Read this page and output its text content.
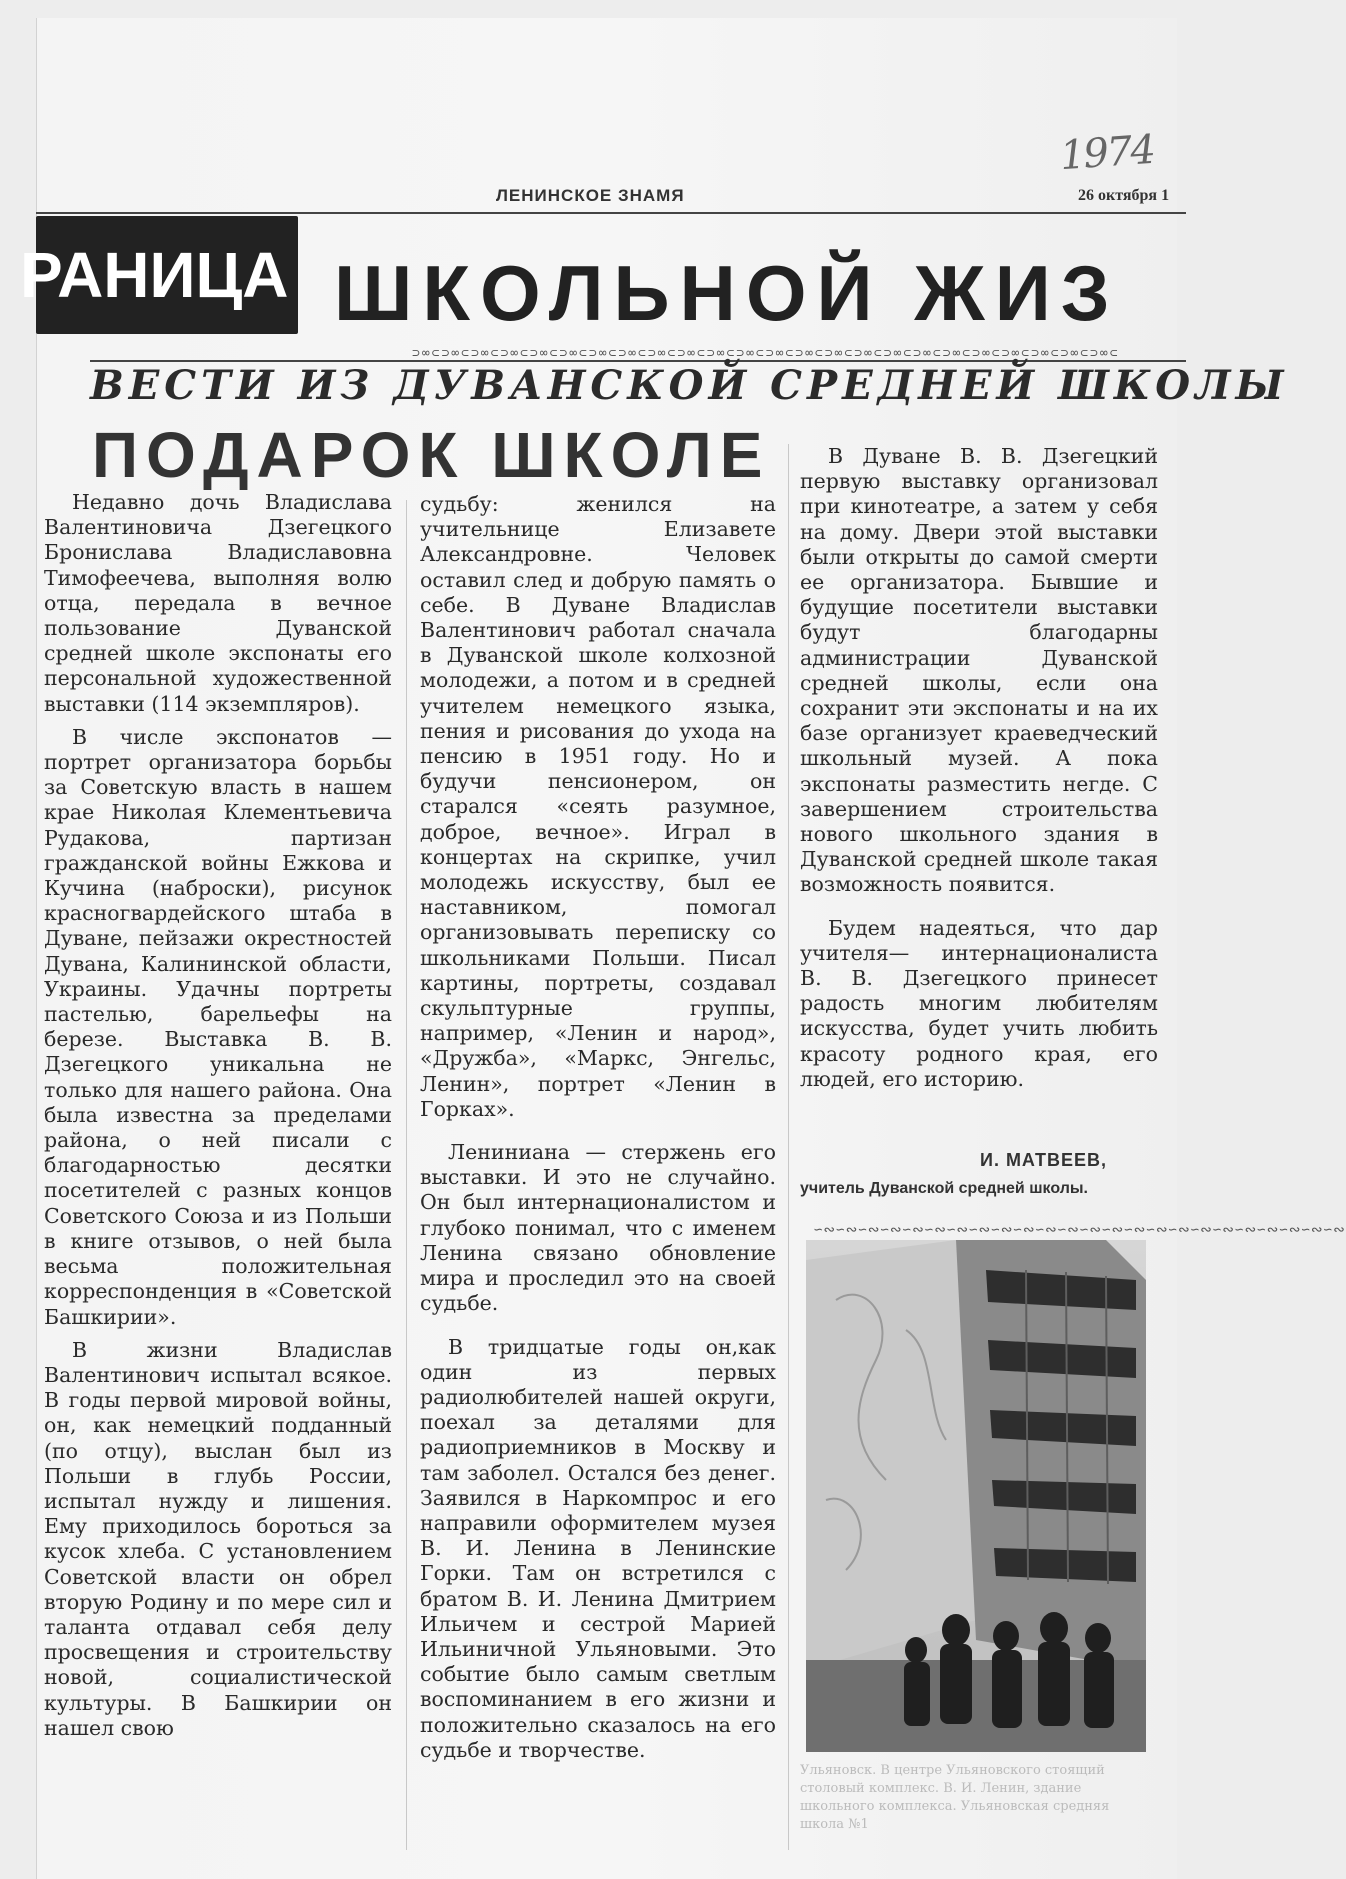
1974
ЛЕНИНСКОЕ ЗНАМЯ	26 октября 1
РАНИЦА ШКОЛЬНОЙ ЖИЗ
⊃∞⊂⊃∞⊂⊃∞⊂⊃∞⊂⊃∞⊂⊃∞⊂⊃∞⊂⊃∞⊂⊃∞⊂⊃∞⊂⊃∞⊂⊃∞⊂⊃∞⊂⊃∞⊂⊃∞⊂⊃∞⊂⊃∞⊂⊃∞⊂⊃∞⊂⊃∞⊂⊃∞⊂⊃∞⊂⊃∞⊂⊃∞⊂
ВЕСТИ ИЗ ДУВАНСКОЙ СРЕДНЕЙ ШКОЛЫ
ПОДАРОК ШКОЛЕ

Недавно дочь Владислава Валентиновича Дзегецкого Бронислава Владиславовна Тимофеечева, выполняя волю отца, передала в вечное пользование Дуванской средней школе экспонаты его персональной художественной выставки (114 экземпляров).

В числе экспонатов — портрет организатора борьбы за Советскую власть в нашем крае Николая Клементьевича Рудакова, партизан гражданской войны Ежкова и Кучина (наброски), рисунок красногвардейского штаба в Дуване, пейзажи окрестностей Дувана, Калининской области, Украины. Удачны портреты пастелью, барельефы на березе. Выставка В. В. Дзегецкого уникальна не только для нашего района. Она была известна за пределами района, о ней писали с благодарностью десятки посетителей с разных концов Советского Союза и из Польши в книге отзывов, о ней была весьма положительная корреспонденция в «Советской Башкирии».

В жизни Владислав Валентинович испытал всякое. В годы первой мировой войны, он, как немецкий подданный (по отцу), выслан был из Польши в глубь России, испытал нужду и лишения. Ему приходилось бороться за кусок хлеба. С установлением Советской власти он обрел вторую Родину и по мере сил и таланта отдавал себя делу просвещения и строительству новой, социалистической культуры. В Башкирии он нашел свою

судьбу: женился на учительнице Елизавете Александровне. Человек оставил след и добрую память о себе. В Дуване Владислав Валентинович работал сначала в Дуванской школе колхозной молодежи, а потом и в средней учителем немецкого языка, пения и рисования до ухода на пенсию в 1951 году. Но и будучи пенсионером, он старался «сеять разумное, доброе, вечное». Играл в концертах на скрипке, учил молодежь искусству, был ее наставником, помогал организовывать переписку со школьниками Польши. Писал картины, портреты, создавал скульптурные группы, например, «Ленин и народ», «Дружба», «Маркс, Энгельс, Ленин», портрет «Ленин в Горках».

Лениниана — стержень его выставки. И это не случайно. Он был интернационалистом и глубоко понимал, что с именем Ленина связано обновление мира и проследил это на своей судьбе.

В тридцатые годы он,как один из первых радиолюбителей нашей округи, поехал за деталями для радиоприемников в Москву и там заболел. Остался без денег. Заявился в Наркомпрос и его направили оформителем музея В. И. Ленина в Ленинские Горки. Там он встретился с братом В. И. Ленина Дмитрием Ильичем и сестрой Марией Ильиничной Ульяновыми. Это событие было самым светлым воспоминанием в его жизни и положительно сказалось на его судьбе и творчестве.

В Дуване В. В. Дзегецкий первую выставку организовал при кинотеатре, а затем у себя на дому. Двери этой выставки были открыты до самой смерти ее организатора. Бывшие и будущие посетители выставки будут благодарны администрации Дуванской средней школы, если она сохранит эти экспонаты и на их базе организует краеведческий школьный музей. А пока экспонаты разместить негде. С завершением строительства нового школьного здания в Дуванской средней школе такая возможность появится.

Будем надеяться, что дар учителя— интернационалиста В. В. Дзегецкого принесет радость многим любителям искусства, будет учить любить красоту родного края, его людей, его историю.

И. МАТВЕЕВ,
учитель Дуванской средней школы.
∽∾∽∾∽∾∽∾∽∾∽∾∽∾∽∾∽∾∽∾∽∾∽∾∽∾∽∾∽∾∽∾∽∾∽∾∽∾∽∾∽∾∽∾∽∾∽∾
Ульяновск. В центре Ульяновского стоящий столовый комплекс. В. И. Ленин, здание школьного комплекса. Ульяновская средняя школа №1
